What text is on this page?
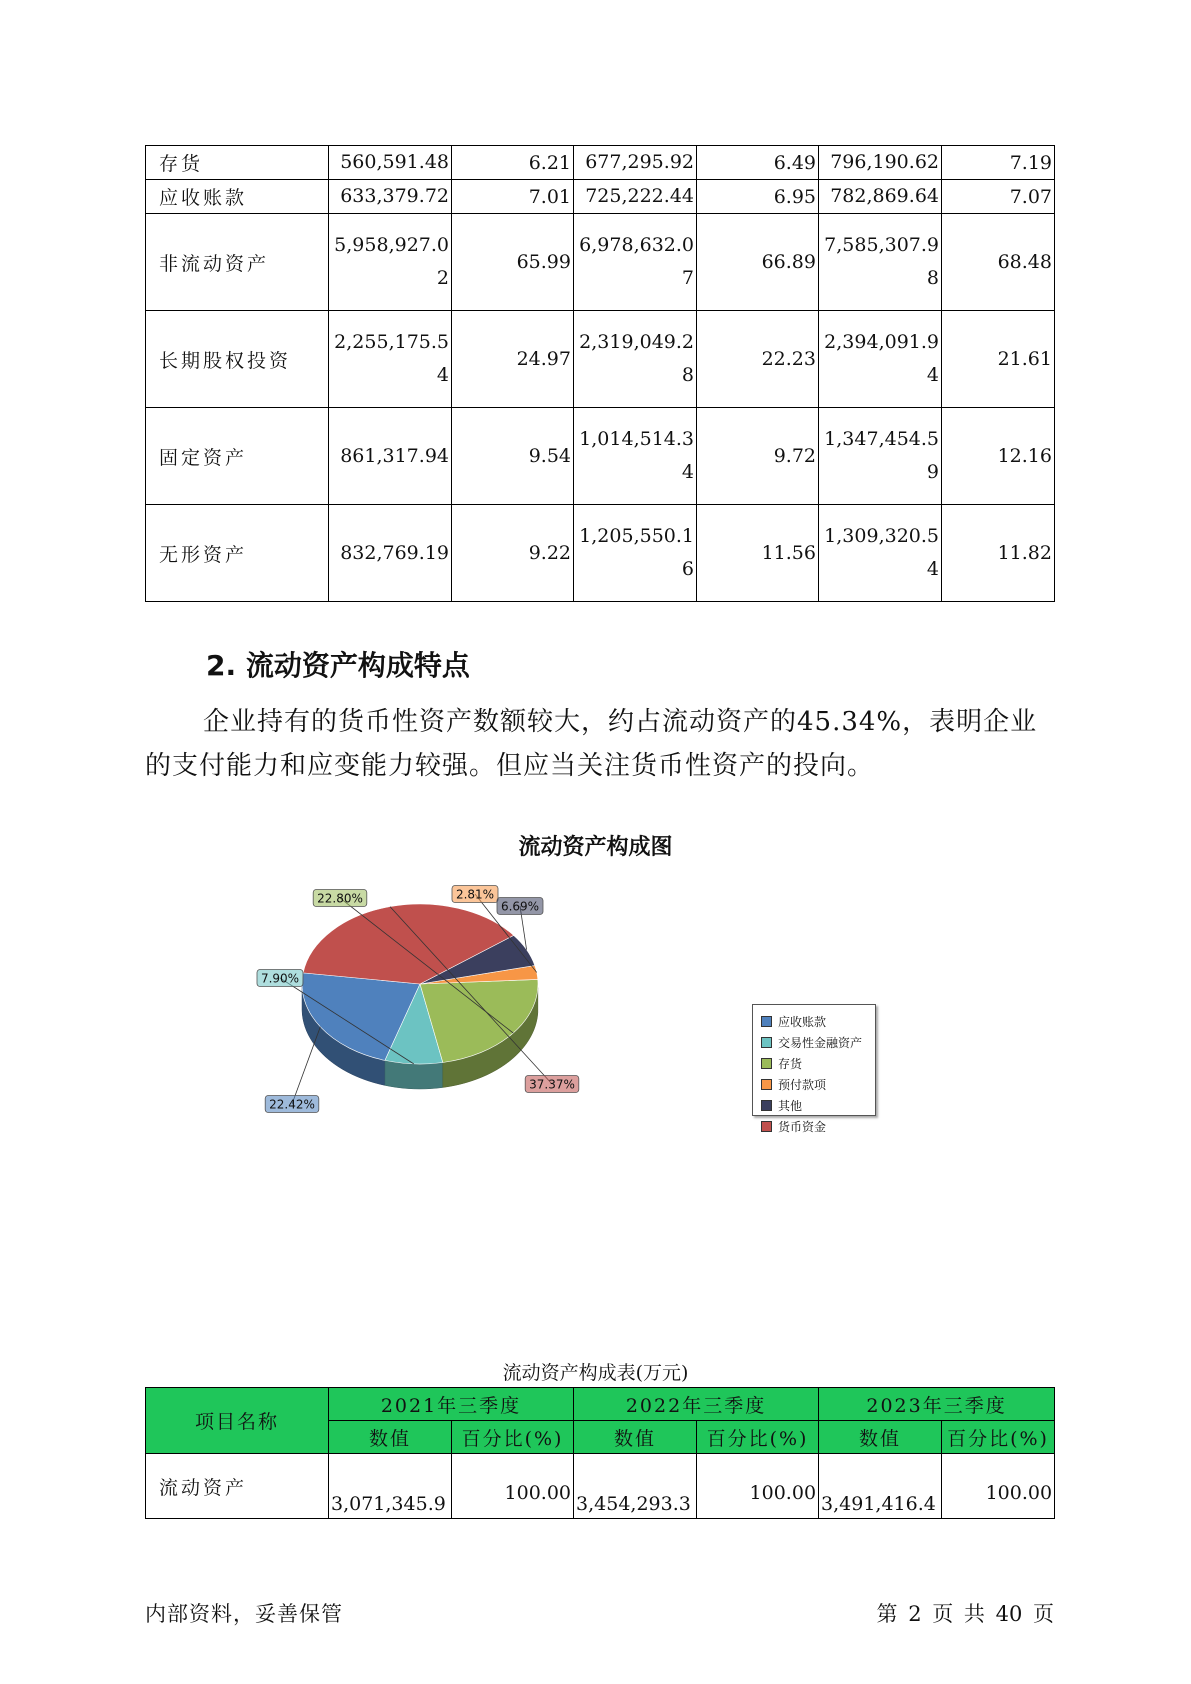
存货	560,591.48	6.21	677,295.92	6.49	796,190.62	7.19
应收账款	633,379.72	7.01	725,222.44	6.95	782,869.64	7.07
非流动资产	5,958,927.02	65.99	6,978,632.07	66.89	7,585,307.98	68.48
长期股权投资	2,255,175.54	24.97	2,319,049.28	22.23	2,394,091.94	21.61
固定资产	861,317.94	9.54	1,014,514.34	9.72	1,347,454.59	12.16
无形资产	832,769.19	9.22	1,205,550.16	11.56	1,309,320.54	11.82
2. 流动资产构成特点

企业持有的货币性资产数额较大，约占流动资产的45.34%，表明企业的支付能力和应变能力较强。但应当关注货币性资产的投向。

流动资产构成图
22.42%
7.90%
22.80%	2.81%
6.69%
37.37%
应收账款
交易性金融资产
存货
预付款项
其他
货币资金
流动资产构成表(万元)
项目名称	2021年三季度		2022年三季度		2023年三季度	
	数值	百分比(%)	数值	百分比(%)	数值	百分比(%)
流动资产	3,071,345.9	100.00	3,454,293.3	100.00	3,491,416.4	100.00
内部资料，妥善保管	第 2 页 共 40 页
